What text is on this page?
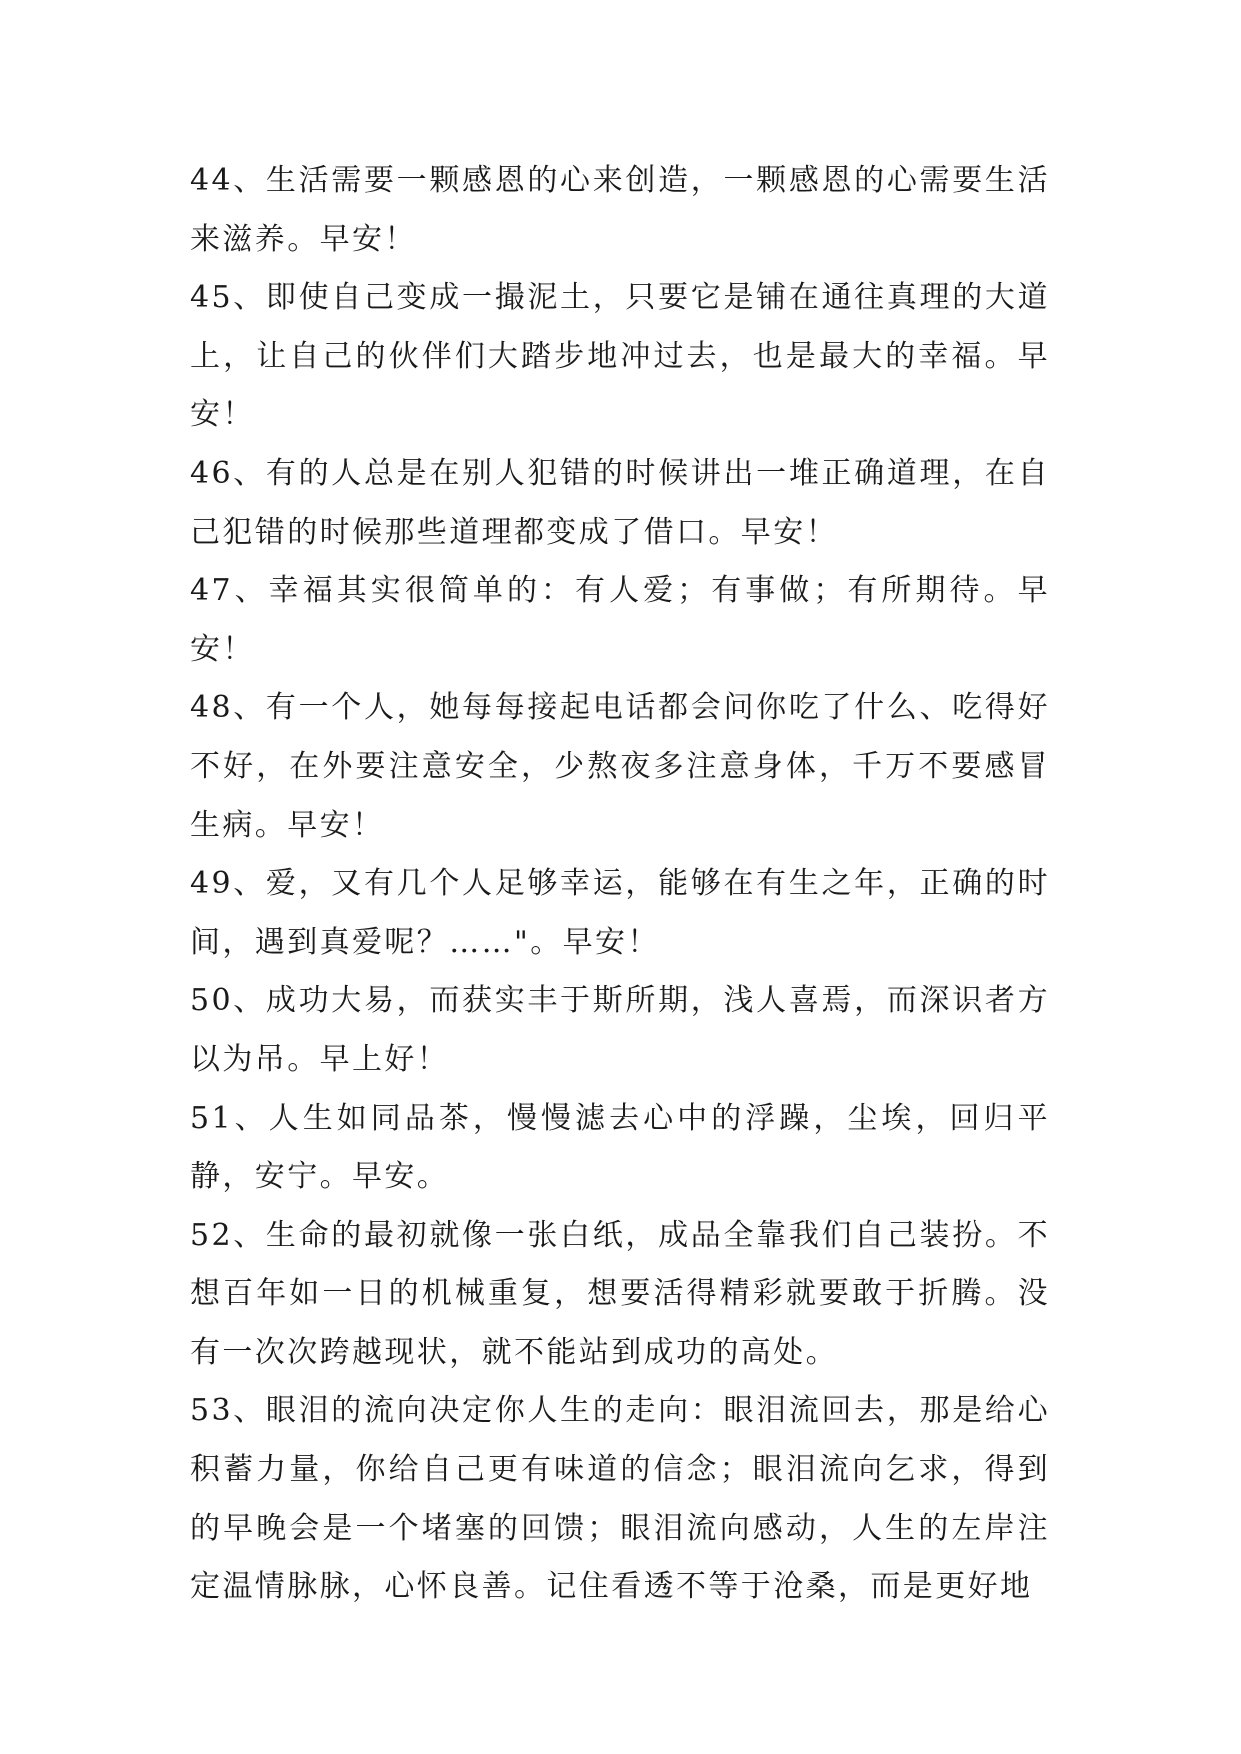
44、生活需要一颗感恩的心来创造，一颗感恩的心需要生活来滋养。早安！

45、即使自己变成一撮泥土，只要它是铺在通往真理的大道上，让自己的伙伴们大踏步地冲过去，也是最大的幸福。早安！

46、有的人总是在别人犯错的时候讲出一堆正确道理，在自己犯错的时候那些道理都变成了借口。早安！

47、幸福其实很简单的：有人爱；有事做；有所期待。早安！

48、有一个人，她每每接起电话都会问你吃了什么、吃得好不好，在外要注意安全，少熬夜多注意身体，千万不要感冒生病。早安！

49、爱，又有几个人足够幸运，能够在有生之年，正确的时间，遇到真爱呢？……"。早安！

50、成功大易，而获实丰于斯所期，浅人喜焉，而深识者方以为吊。早上好！

51、人生如同品茶，慢慢滤去心中的浮躁，尘埃，回归平静，安宁。早安。

52、生命的最初就像一张白纸，成品全靠我们自己装扮。不想百年如一日的机械重复，想要活得精彩就要敢于折腾。没有一次次跨越现状，就不能站到成功的高处。

53、眼泪的流向决定你人生的走向：眼泪流回去，那是给心积蓄力量，你给自己更有味道的信念；眼泪流向乞求，得到的早晚会是一个堵塞的回馈；眼泪流向感动，人生的左岸注定温情脉脉，心怀良善。记住看透不等于沧桑，而是更好地
